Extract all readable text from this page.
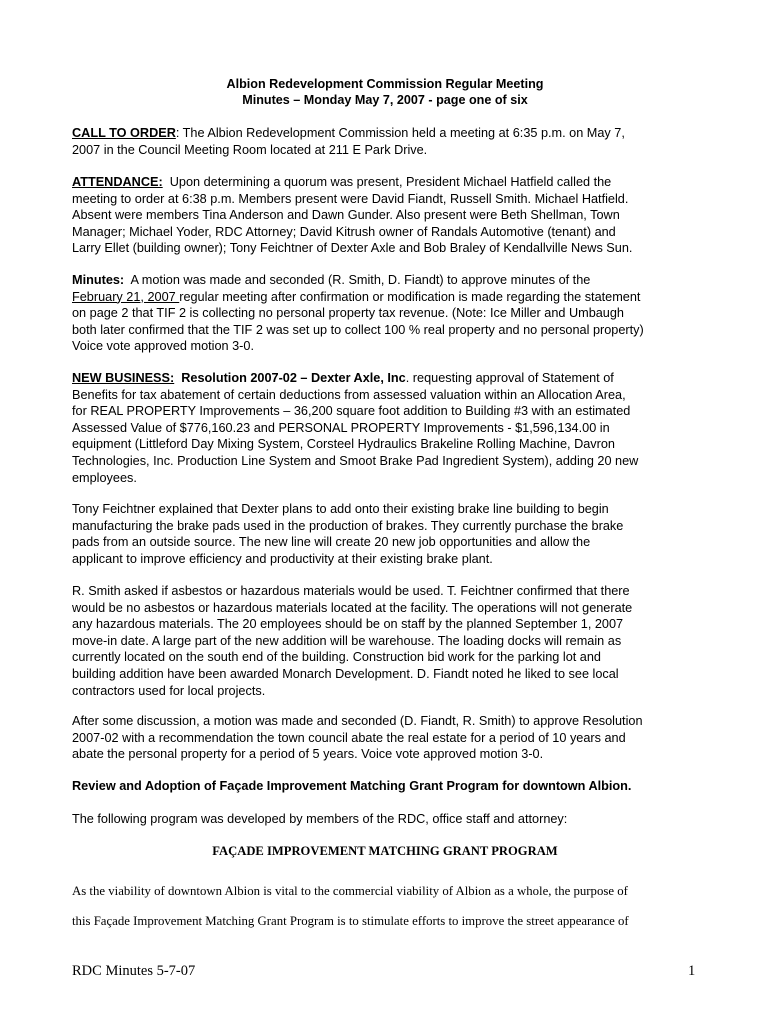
Albion Redevelopment Commission Regular Meeting
Minutes – Monday May 7, 2007 - page one of six
CALL TO ORDER: The Albion Redevelopment Commission held a meeting at 6:35 p.m. on May 7,
2007 in the Council Meeting Room located at 211 E Park Drive.
ATTENDANCE:  Upon determining a quorum was present, President Michael Hatfield called the
meeting to order at 6:38 p.m. Members present were David Fiandt, Russell Smith. Michael Hatfield.
Absent were members Tina Anderson and Dawn Gunder. Also present were Beth Shellman, Town
Manager; Michael Yoder, RDC Attorney; David Kitrush owner of Randals Automotive (tenant) and
Larry Ellet (building owner); Tony Feichtner of Dexter Axle and Bob Braley of Kendallville News Sun.
Minutes:  A motion was made and seconded (R. Smith, D. Fiandt) to approve minutes of the
February 21, 2007 regular meeting after confirmation or modification is made regarding the statement
on page 2 that TIF 2 is collecting no personal property tax revenue. (Note: Ice Miller and Umbaugh
both later confirmed that the TIF 2 was set up to collect 100 % real property and no personal property)
Voice vote approved motion 3-0.
NEW BUSINESS:  Resolution 2007-02 – Dexter Axle, Inc. requesting approval of Statement of
Benefits for tax abatement of certain deductions from assessed valuation within an Allocation Area,
for REAL PROPERTY Improvements – 36,200 square foot addition to Building #3 with an estimated
Assessed Value of $776,160.23 and PERSONAL PROPERTY Improvements - $1,596,134.00 in
equipment (Littleford Day Mixing System, Corsteel Hydraulics Brakeline Rolling Machine, Davron
Technologies, Inc. Production Line System and Smoot Brake Pad Ingredient System), adding 20 new
employees.
Tony Feichtner explained that Dexter plans to add onto their existing brake line building to begin
manufacturing the brake pads used in the production of brakes. They currently purchase the brake
pads from an outside source. The new line will create 20 new job opportunities and allow the
applicant to improve efficiency and productivity at their existing brake plant.
R. Smith asked if asbestos or hazardous materials would be used. T. Feichtner confirmed that there
would be no asbestos or hazardous materials located at the facility. The operations will not generate
any hazardous materials. The 20 employees should be on staff by the planned September 1, 2007
move-in date. A large part of the new addition will be warehouse. The loading docks will remain as
currently located on the south end of the building. Construction bid work for the parking lot and
building addition have been awarded Monarch Development. D. Fiandt noted he liked to see local
contractors used for local projects.
After some discussion, a motion was made and seconded (D. Fiandt, R. Smith) to approve Resolution
2007-02 with a recommendation the town council abate the real estate for a period of 10 years and
abate the personal property for a period of 5 years. Voice vote approved motion 3-0.
Review and Adoption of Façade Improvement Matching Grant Program for downtown Albion.
The following program was developed by members of the RDC, office staff and attorney:
FAÇADE IMPROVEMENT MATCHING GRANT PROGRAM
As the viability of downtown Albion is vital to the commercial viability of Albion as a whole, the purpose of
this Façade Improvement Matching Grant Program is to stimulate efforts to improve the street appearance of
RDC Minutes 5-7-07	1
